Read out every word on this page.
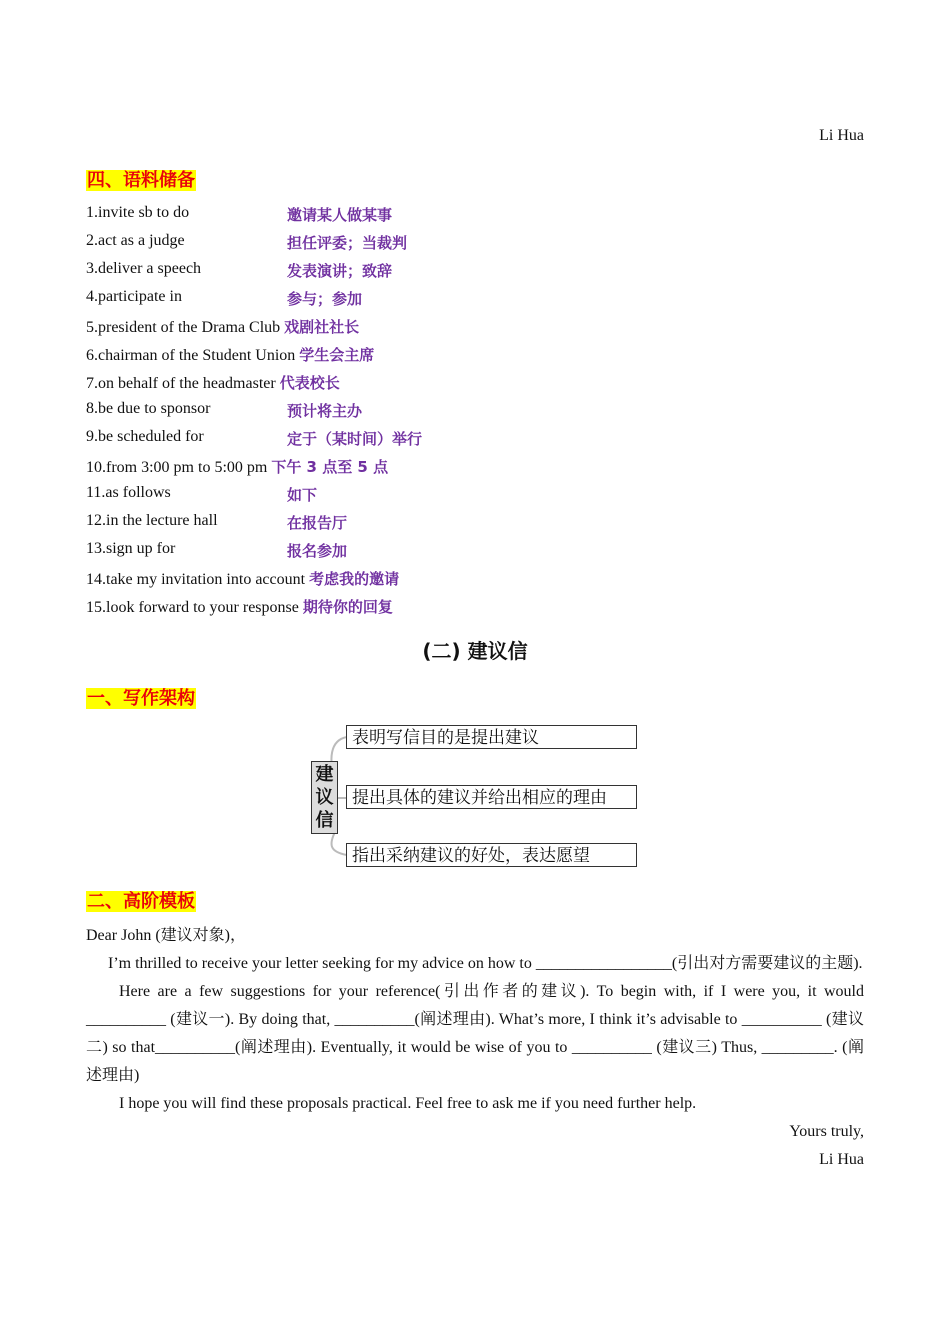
Li Hua
四、语料储备
1.invite sb to do	邀请某人做某事
2.act as a judge	担任评委；当裁判
3.deliver a speech	发表演讲；致辞
4.participate in	参与；参加
5.president of the Drama Club 戏剧社社长
6.chairman of the Student Union 学生会主席
7.on behalf of the headmaster 代表校长
8.be due to sponsor	预计将主办
9.be scheduled for	定于（某时间）举行
10.from 3:00 pm to 5:00 pm 下午 3 点至 5 点
11.as follows	如下
12.in the lecture hall	在报告厅
13.sign up for	报名参加
14.take my invitation into account 考虑我的邀请
15.look forward to your response 期待你的回复
(二) 建议信
一、写作架构
建
议
信
表明写信目的是提出建议
提出具体的建议并给出相应的理由
指出采纳建议的好处，表达愿望
二、高阶模板

Dear John (建议对象)，

I’m thrilled to receive your letter seeking for my advice on how to _________________(引出对方需要建议的主题).

Here are a few suggestions for your reference(引出作者的建议). To begin with, if I were you, it would __________ (建议一). By doing that, __________(阐述理由). What’s more, I think it’s advisable to __________ (建议二) so that__________(阐述理由). Eventually, it would be wise of you to __________ (建议三) Thus, _________. (阐述理由)

I hope you will find these proposals practical. Feel free to ask me if you need further help.

Yours truly,

Li Hua
